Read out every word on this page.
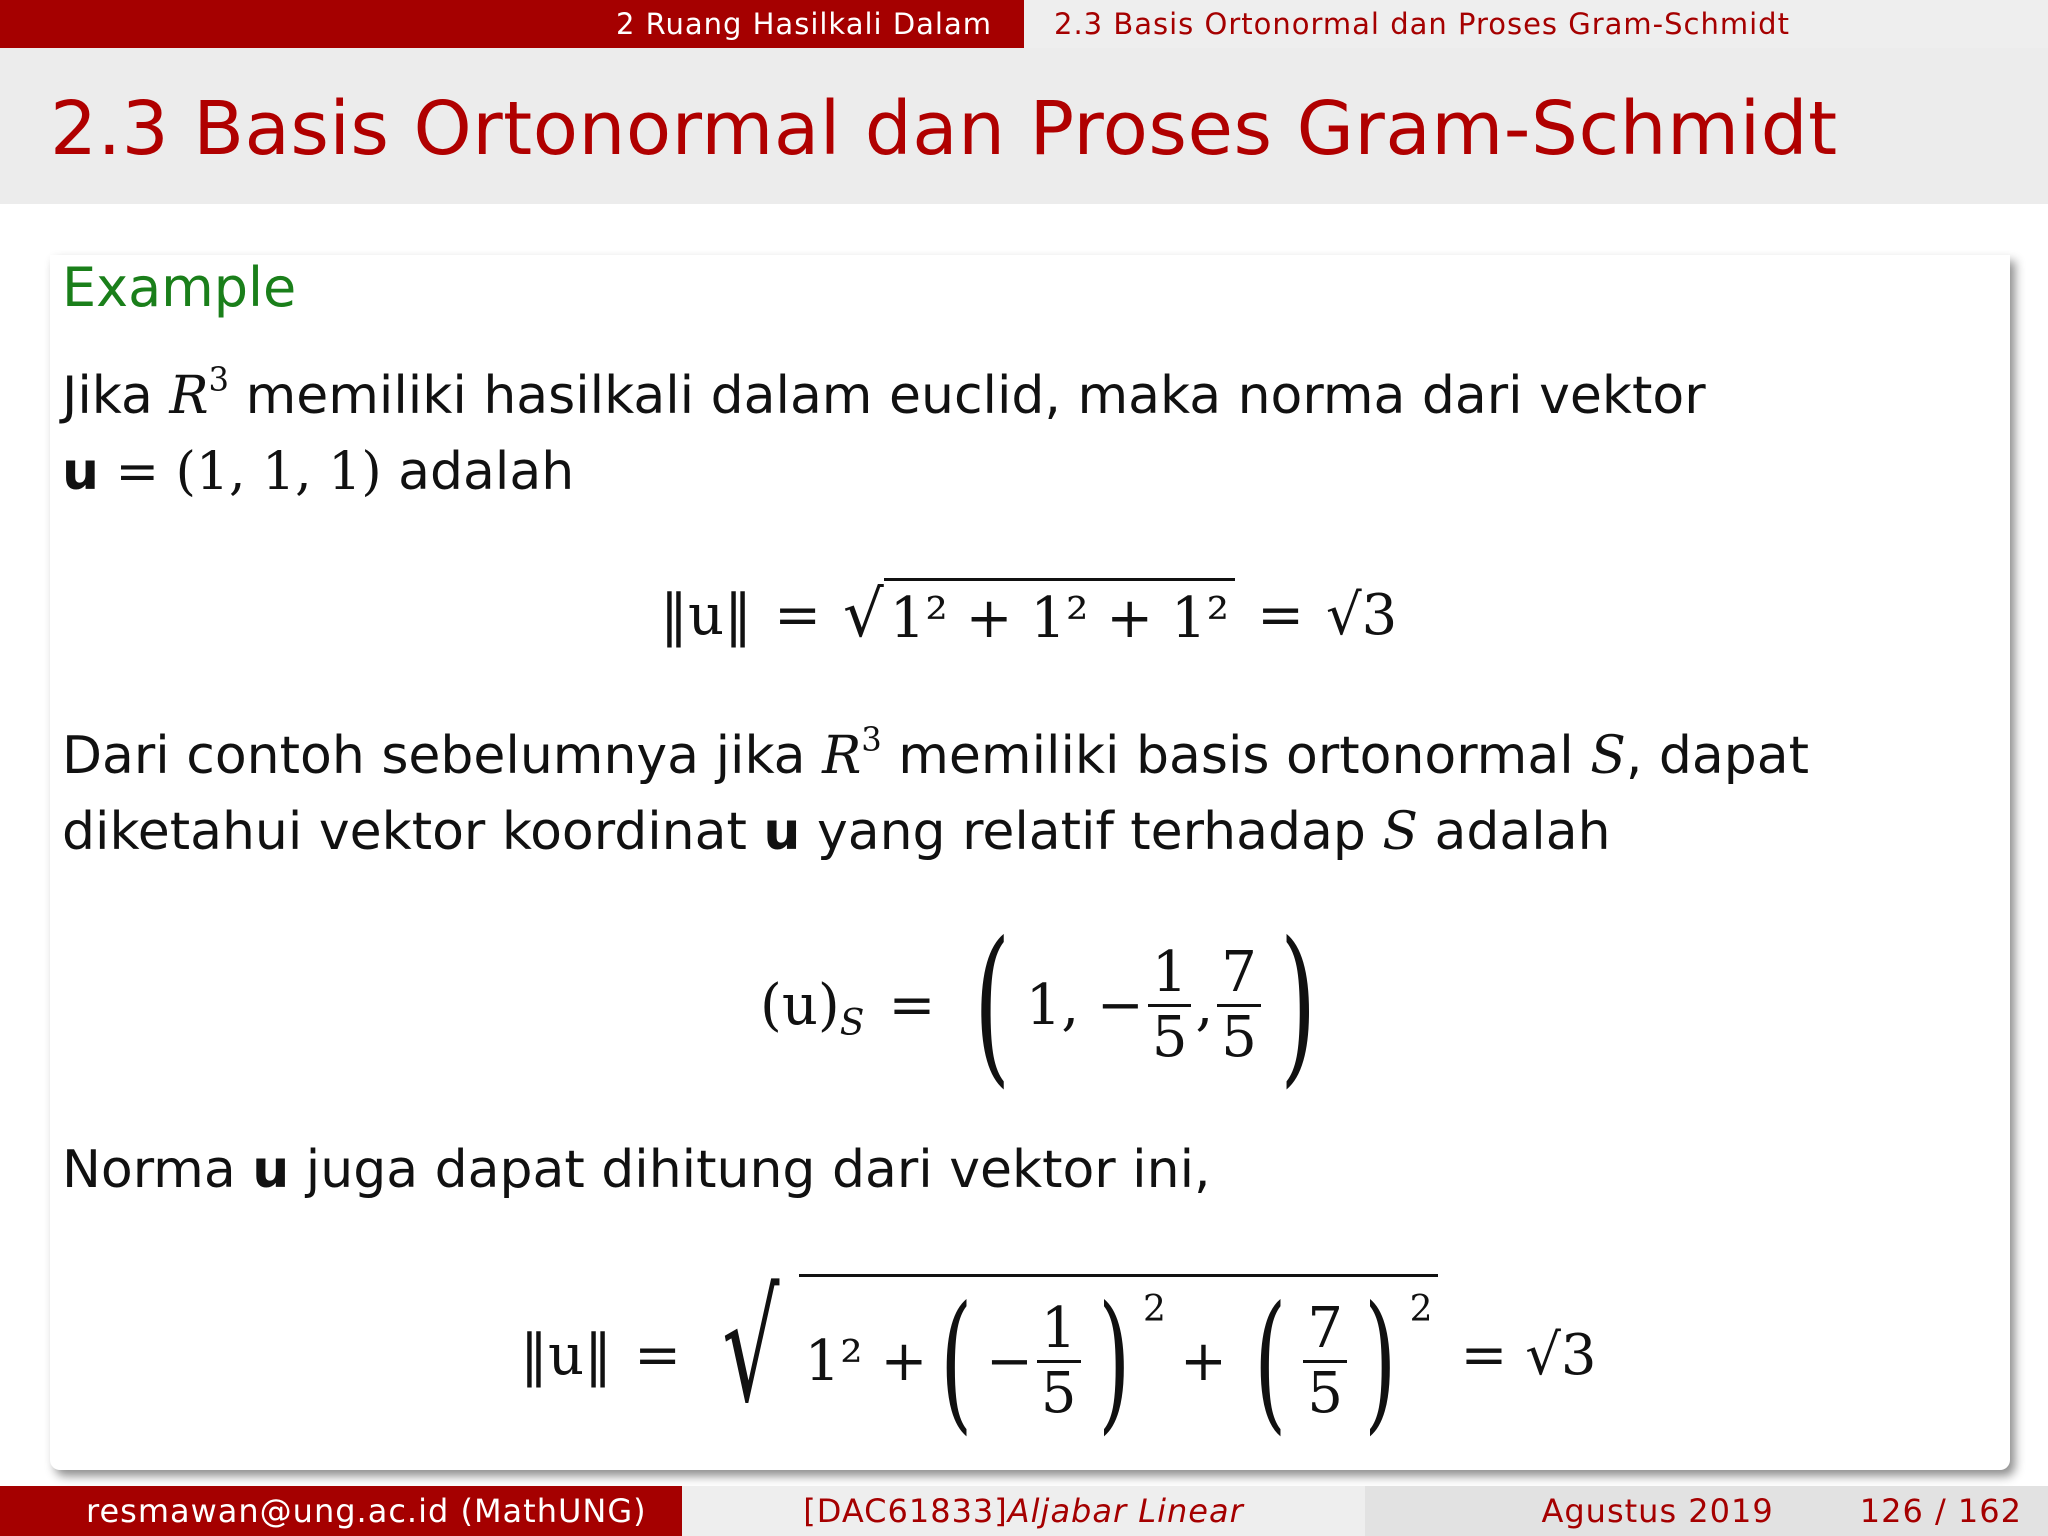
2 Ruang Hasilkali Dalam 2.3 Basis Ortonormal dan Proses Gram-Schmidt
2.3 Basis Ortonormal dan Proses Gram-Schmidt
Example
Jika $R^3$ memiliki hasilkali dalam euclid, maka norma dari vektor
u = (1, 1, 1) adalah
‖u‖ = √ 1² + 1² + 1² = √3
Dari contoh sebelumnya jika $R^3$ memiliki basis ortonormal S, dapat
diketahui vektor koordinat u yang relatif terhadap S adalah
$(u)_S$ = ( 1, − $\frac{1}{5}$ , $\frac{7}{5}$ )
Norma u juga dapat dihitung dari vektor ini,
‖u‖ = √ 1² + ( − $\frac{1}{5}$ ) $^2$
+ ( $\frac{7}{5}$ ) $^2$
= √3
resmawan@ung.ac.id (MathUNG)	[DAC61833] Aljabar Linear	Agustus 2019	126 / 162
